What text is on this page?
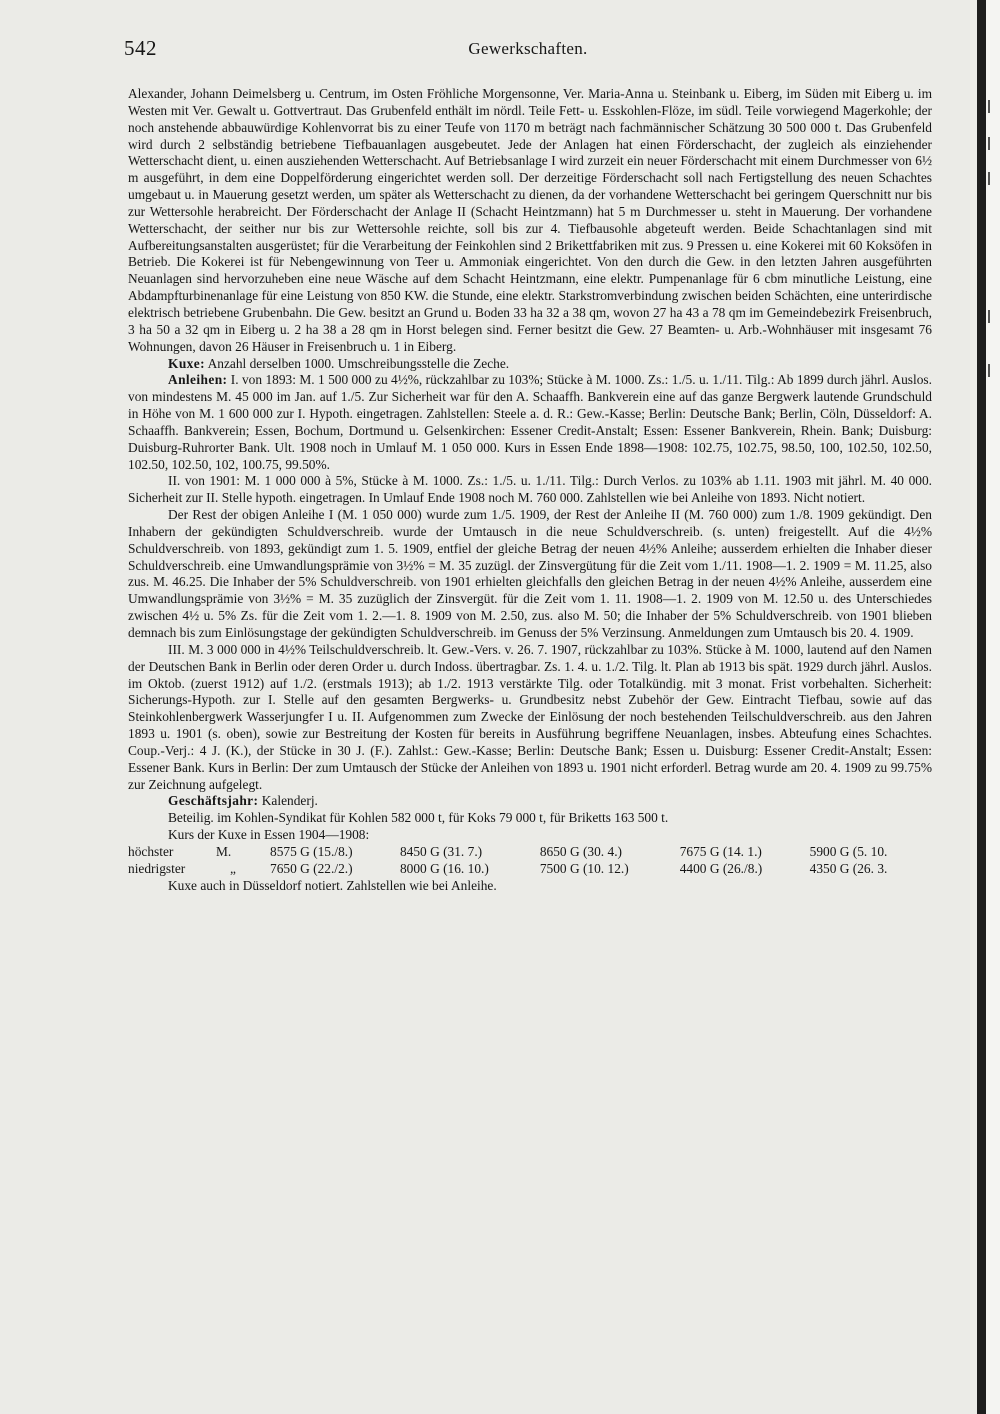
542	Gewerkschaften.

Alexander, Johann Deimelsberg u. Centrum, im Osten Fröhliche Morgensonne, Ver. Maria-Anna u. Steinbank u. Eiberg, im Süden mit Eiberg u. im Westen mit Ver. Gewalt u. Gottvertraut. Das Grubenfeld enthält im nördl. Teile Fett- u. Esskohlen-Flöze, im südl. Teile vorwiegend Magerkohle; der noch anstehende abbauwürdige Kohlenvorrat bis zu einer Teufe von 1170 m beträgt nach fachmännischer Schätzung 30 500 000 t. Das Grubenfeld wird durch 2 selbständig betriebene Tiefbauanlagen ausgebeutet. Jede der Anlagen hat einen Förderschacht, der zugleich als einziehender Wetterschacht dient, u. einen ausziehenden Wetterschacht. Auf Betriebsanlage I wird zurzeit ein neuer Förderschacht mit einem Durchmesser von 6½ m ausgeführt, in dem eine Doppelförderung eingerichtet werden soll. Der derzeitige Förderschacht soll nach Fertigstellung des neuen Schachtes umgebaut u. in Mauerung gesetzt werden, um später als Wetterschacht zu dienen, da der vorhandene Wetterschacht bei geringem Querschnitt nur bis zur Wettersohle herabreicht. Der Förderschacht der Anlage II (Schacht Heintzmann) hat 5 m Durchmesser u. steht in Mauerung. Der vorhandene Wetterschacht, der seither nur bis zur Wettersohle reichte, soll bis zur 4. Tiefbausohle abgeteuft werden. Beide Schachtanlagen sind mit Aufbereitungsanstalten ausgerüstet; für die Verarbeitung der Feinkohlen sind 2 Brikettfabriken mit zus. 9 Pressen u. eine Kokerei mit 60 Koksöfen in Betrieb. Die Kokerei ist für Nebengewinnung von Teer u. Ammoniak eingerichtet. Von den durch die Gew. in den letzten Jahren ausgeführten Neuanlagen sind hervorzuheben eine neue Wäsche auf dem Schacht Heintzmann, eine elektr. Pumpenanlage für 6 cbm minutliche Leistung, eine Abdampfturbinenanlage für eine Leistung von 850 KW. die Stunde, eine elektr. Starkstromverbindung zwischen beiden Schächten, eine unterirdische elektrisch betriebene Grubenbahn. Die Gew. besitzt an Grund u. Boden 33 ha 32 a 38 qm, wovon 27 ha 43 a 78 qm im Gemeindebezirk Freisenbruch, 3 ha 50 a 32 qm in Eiberg u. 2 ha 38 a 28 qm in Horst belegen sind. Ferner besitzt die Gew. 27 Beamten- u. Arb.-Wohnhäuser mit insgesamt 76 Wohnungen, davon 26 Häuser in Freisenbruch u. 1 in Eiberg.

Kuxe: Anzahl derselben 1000. Umschreibungsstelle die Zeche.

Anleihen: I. von 1893: M. 1 500 000 zu 4½%, rückzahlbar zu 103%; Stücke à M. 1000. Zs.: 1./5. u. 1./11. Tilg.: Ab 1899 durch jährl. Auslos. von mindestens M. 45 000 im Jan. auf 1./5. Zur Sicherheit war für den A. Schaaffh. Bankverein eine auf das ganze Bergwerk lautende Grundschuld in Höhe von M. 1 600 000 zur I. Hypoth. eingetragen. Zahlstellen: Steele a. d. R.: Gew.-Kasse; Berlin: Deutsche Bank; Berlin, Cöln, Düsseldorf: A. Schaaffh. Bankverein; Essen, Bochum, Dortmund u. Gelsenkirchen: Essener Credit-Anstalt; Essen: Essener Bankverein, Rhein. Bank; Duisburg: Duisburg-Ruhrorter Bank. Ult. 1908 noch in Umlauf M. 1 050 000. Kurs in Essen Ende 1898—1908: 102.75, 102.75, 98.50, 100, 102.50, 102.50, 102.50, 102.50, 102, 100.75, 99.50%.

II. von 1901: M. 1 000 000 à 5%, Stücke à M. 1000. Zs.: 1./5. u. 1./11. Tilg.: Durch Verlos. zu 103% ab 1.11. 1903 mit jährl. M. 40 000. Sicherheit zur II. Stelle hypoth. eingetragen. In Umlauf Ende 1908 noch M. 760 000. Zahlstellen wie bei Anleihe von 1893. Nicht notiert.

Der Rest der obigen Anleihe I (M. 1 050 000) wurde zum 1./5. 1909, der Rest der Anleihe II (M. 760 000) zum 1./8. 1909 gekündigt. Den Inhabern der gekündigten Schuldverschreib. wurde der Umtausch in die neue Schuldverschreib. (s. unten) freigestellt. Auf die 4½% Schuldverschreib. von 1893, gekündigt zum 1. 5. 1909, entfiel der gleiche Betrag der neuen 4½% Anleihe; ausserdem erhielten die Inhaber dieser Schuldverschreib. eine Umwandlungsprämie von 3½% = M. 35 zuzügl. der Zinsvergütung für die Zeit vom 1./11. 1908—1. 2. 1909 = M. 11.25, also zus. M. 46.25. Die Inhaber der 5% Schuldverschreib. von 1901 erhielten gleichfalls den gleichen Betrag in der neuen 4½% Anleihe, ausserdem eine Umwandlungsprämie von 3½% = M. 35 zuzüglich der Zinsvergüt. für die Zeit vom 1. 11. 1908—1. 2. 1909 von M. 12.50 u. des Unterschiedes zwischen 4½ u. 5% Zs. für die Zeit vom 1. 2.—1. 8. 1909 von M. 2.50, zus. also M. 50; die Inhaber der 5% Schuldverschreib. von 1901 blieben demnach bis zum Einlösungstage der gekündigten Schuldverschreib. im Genuss der 5% Verzinsung. Anmeldungen zum Umtausch bis 20. 4. 1909.

III. M. 3 000 000 in 4½% Teilschuldverschreib. lt. Gew.-Vers. v. 26. 7. 1907, rückzahlbar zu 103%. Stücke à M. 1000, lautend auf den Namen der Deutschen Bank in Berlin oder deren Order u. durch Indoss. übertragbar. Zs. 1. 4. u. 1./2. Tilg. lt. Plan ab 1913 bis spät. 1929 durch jährl. Auslos. im Oktob. (zuerst 1912) auf 1./2. (erstmals 1913); ab 1./2. 1913 verstärkte Tilg. oder Totalkündig. mit 3 monat. Frist vorbehalten. Sicherheit: Sicherungs-Hypoth. zur I. Stelle auf den gesamten Bergwerks- u. Grundbesitz nebst Zubehör der Gew. Eintracht Tiefbau, sowie auf das Steinkohlenbergwerk Wasserjungfer I u. II. Aufgenommen zum Zwecke der Einlösung der noch bestehenden Teilschuldverschreib. aus den Jahren 1893 u. 1901 (s. oben), sowie zur Bestreitung der Kosten für bereits in Ausführung begriffene Neuanlagen, insbes. Abteufung eines Schachtes. Coup.-Verj.: 4 J. (K.), der Stücke in 30 J. (F.). Zahlst.: Gew.-Kasse; Berlin: Deutsche Bank; Essen u. Duisburg: Essener Credit-Anstalt; Essen: Essener Bank. Kurs in Berlin: Der zum Umtausch der Stücke der Anleihen von 1893 u. 1901 nicht erforderl. Betrag wurde am 20. 4. 1909 zu 99.75% zur Zeichnung aufgelegt.

Geschäftsjahr: Kalenderj.

Beteilig. im Kohlen-Syndikat für Kohlen 582 000 t, für Koks 79 000 t, für Briketts 163 500 t.

Kurs der Kuxe in Essen 1904—1908:

höchster	M.	8575 G (15./8.)	8450 G (31. 7.)	8650 G (30. 4.)	7675 G (14. 1.)	5900 G (5. 10.
niedrigster	„	7650 G (22./2.)	8000 G (16. 10.)	7500 G (10. 12.)	4400 G (26./8.)	4350 G (26. 3.

Kuxe auch in Düsseldorf notiert. Zahlstellen wie bei Anleihe.
